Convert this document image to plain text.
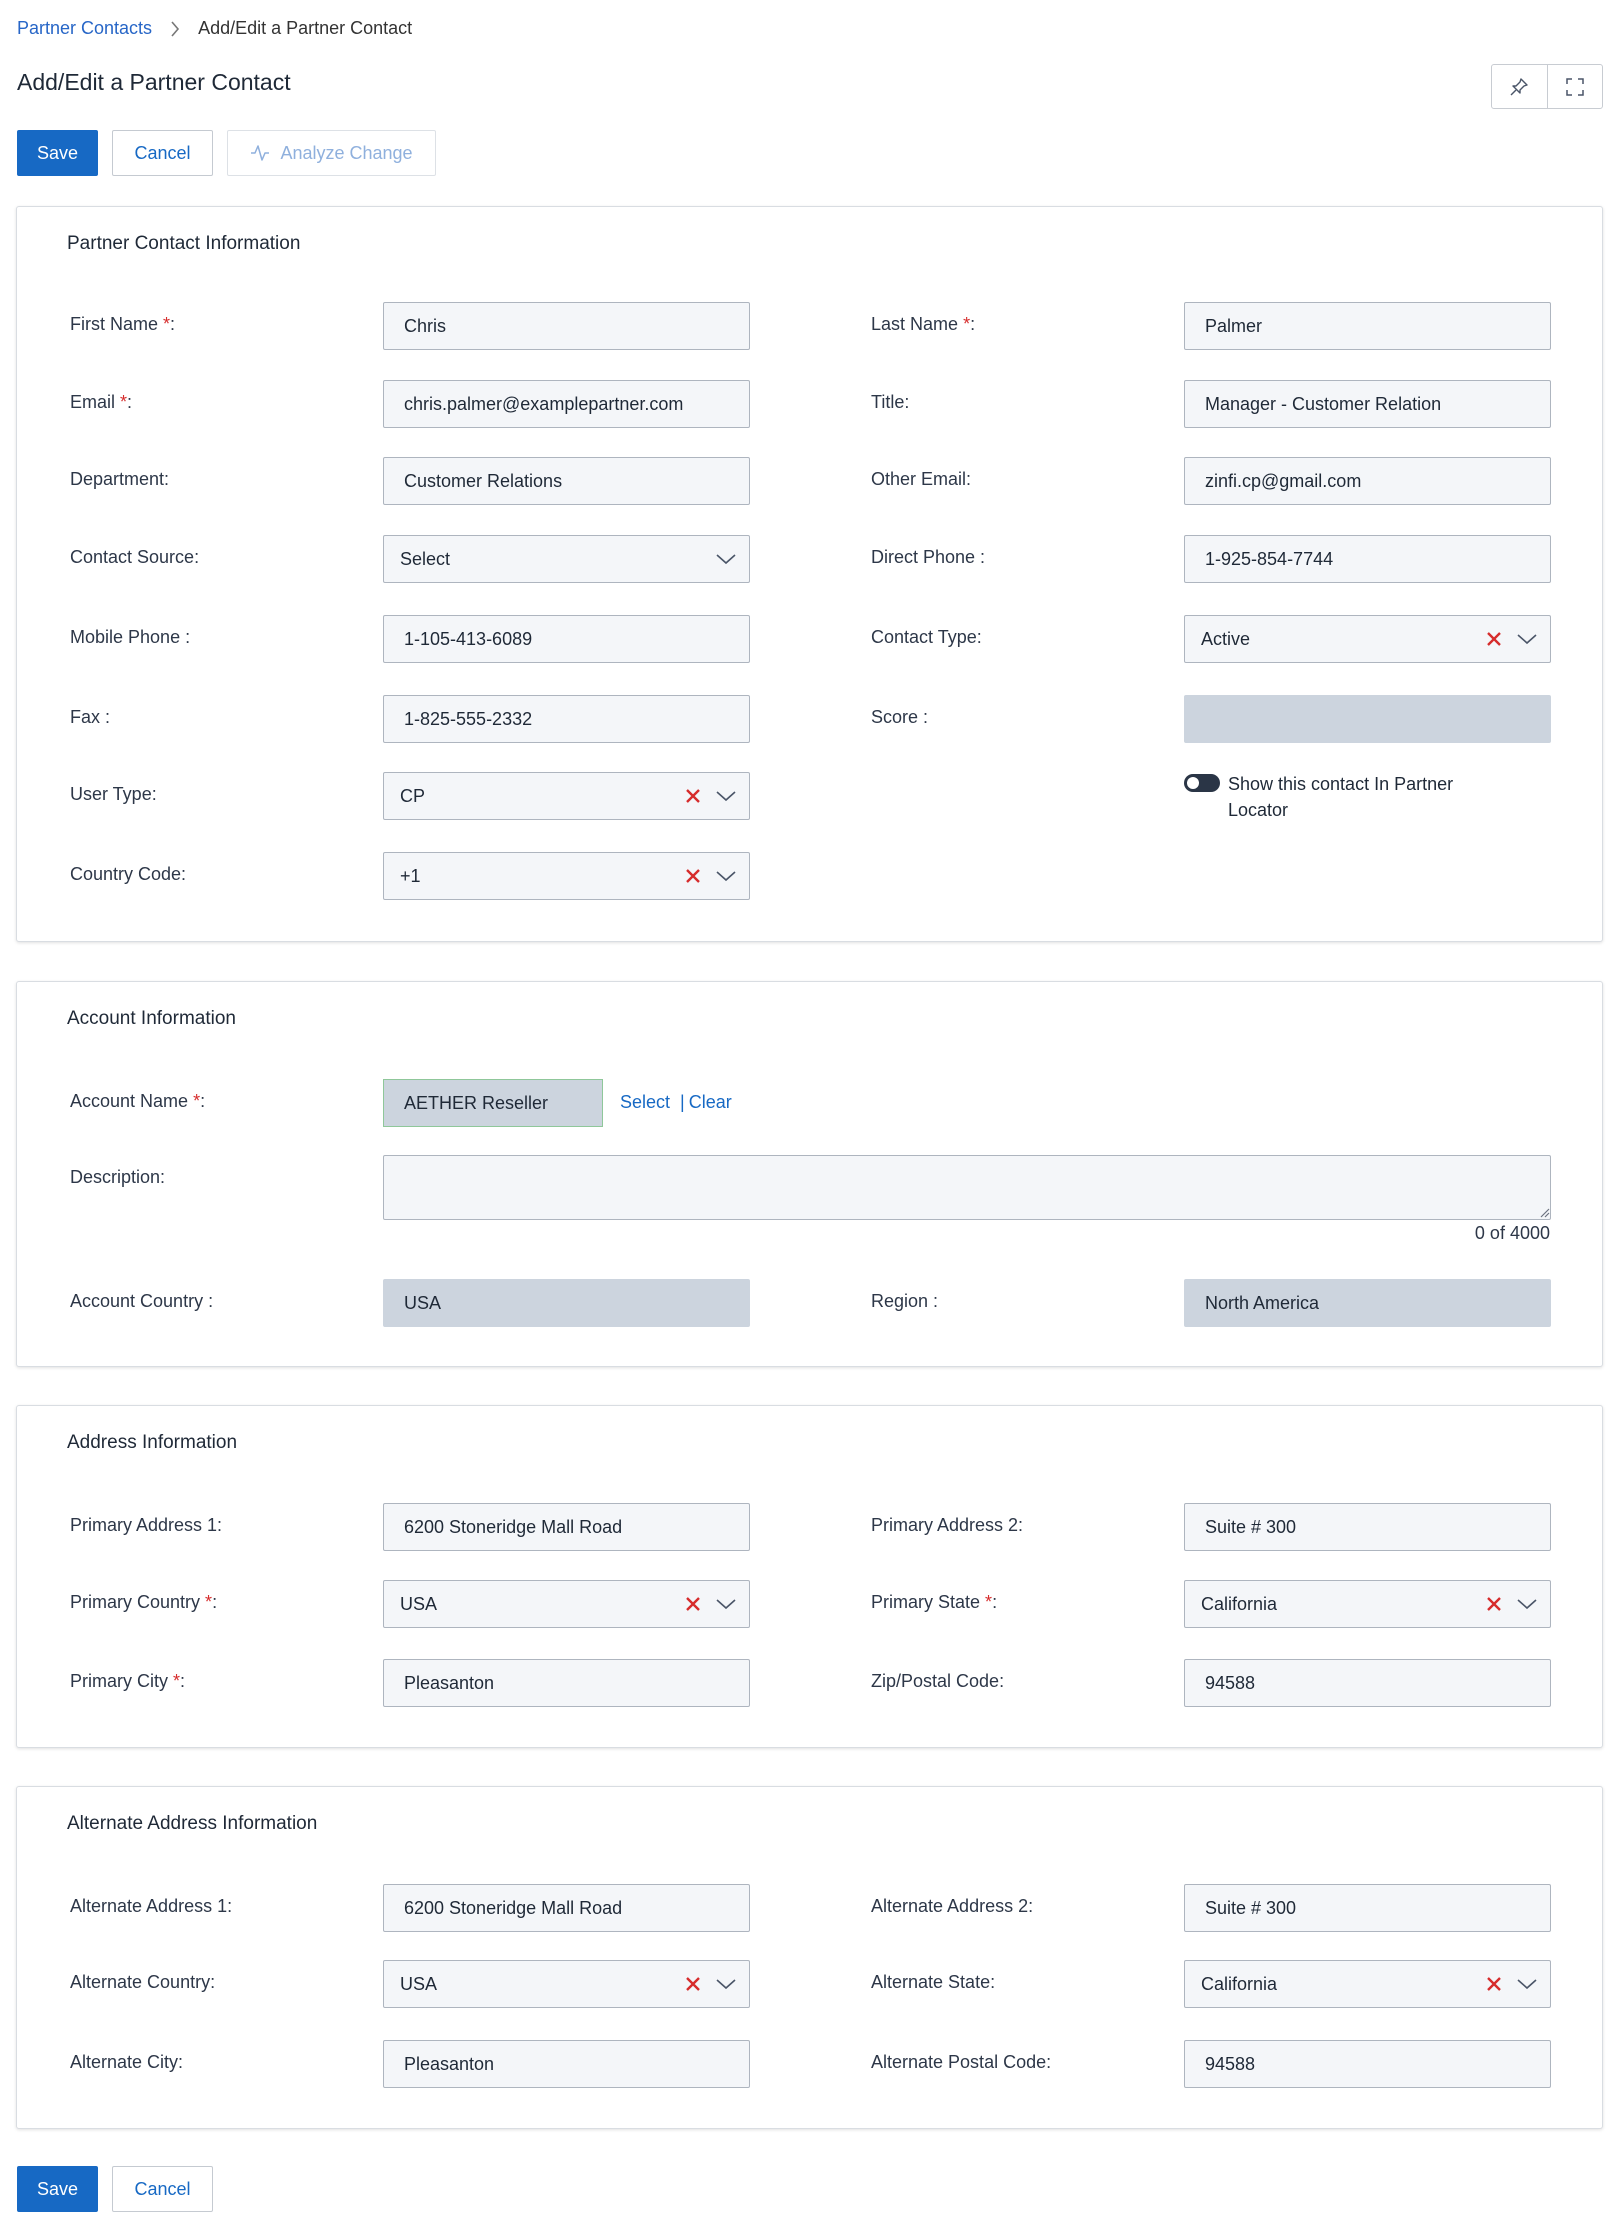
Partner Contacts	Add/Edit a Partner Contact
Add/Edit a Partner Contact
Save	Cancel	Analyze Change
Partner Contact Information
First Name *:	Chris	Last Name *:	Palmer
Email *:	chris.palmer@examplepartner.com	Title:	Manager - Customer Relation
Department:	Customer Relations	Other Email:	zinfi.cp@gmail.com
Contact Source:	Select	Direct Phone :	1-925-854-7744
Mobile Phone :	1-105-413-6089	Contact Type:	Active
Fax :	1-825-555-2332	Score :
User Type:	CP
Show this contact In Partner Locator
Country Code:	+1
Account Information
Account Name *:	AETHER Reseller	Select | Clear
Description:
0 of 4000
Account Country :	USA	Region :	North America
Address Information
Primary Address 1:	6200 Stoneridge Mall Road	Primary Address 2:	Suite # 300
Primary Country *:	USA	Primary State *:	California
Primary City *:	Pleasanton	Zip/Postal Code:	94588
Alternate Address Information
Alternate Address 1:	6200 Stoneridge Mall Road	Alternate Address 2:	Suite # 300
Alternate Country:	USA	Alternate State:	California
Alternate City:	Pleasanton	Alternate Postal Code:	94588
Save	Cancel
